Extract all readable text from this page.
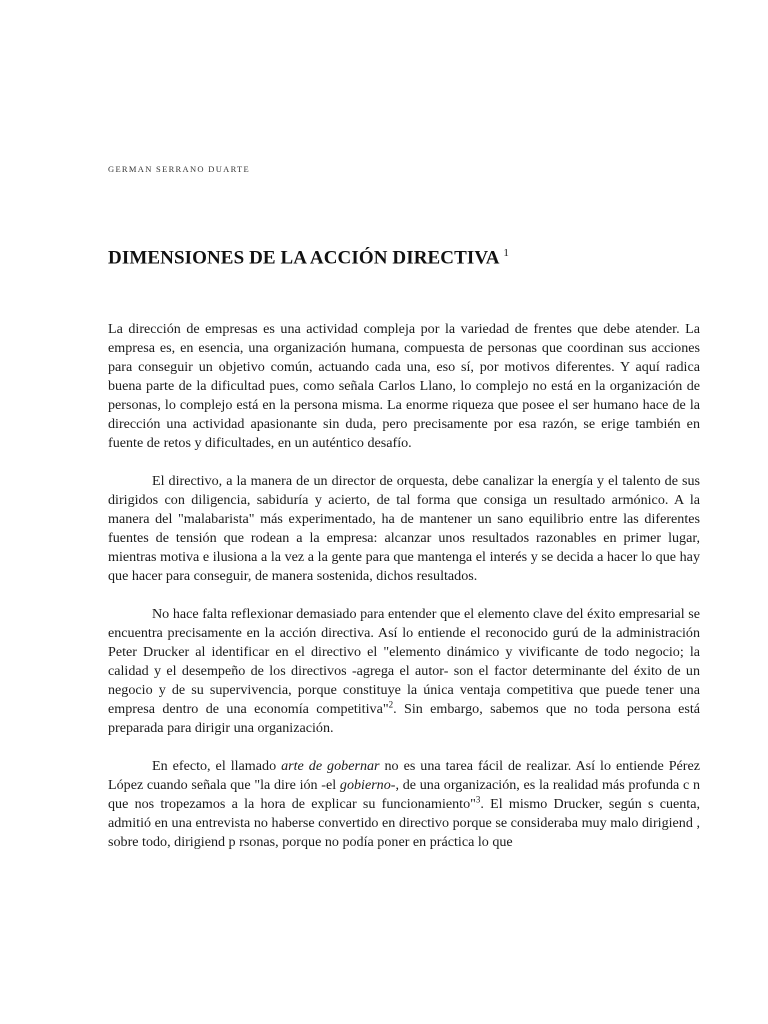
GERMAN SERRANO DUARTE
DIMENSIONES DE LA ACCIÓN DIRECTIVA $^1$

La dirección de empresas es una actividad compleja por la variedad de frentes que debe atender. La empresa es, en esencia, una organización humana, compuesta de personas que coordinan sus acciones para conseguir un objetivo común, actuando cada una, eso sí, por motivos diferentes. Y aquí radica buena parte de la dificultad pues, como señala Carlos Llano, lo complejo no está en la organización de personas, lo complejo está en la persona misma. La enorme riqueza que posee el ser humano hace de la dirección una actividad apasionante sin duda, pero precisamente por esa razón, se erige también en fuente de retos y dificultades, en un auténtico desafío.

El directivo, a la manera de un director de orquesta, debe canalizar la energía y el talento de sus dirigidos con diligencia, sabiduría y acierto, de tal forma que consiga un resultado armónico. A la manera del "malabarista" más experimentado, ha de mantener un sano equilibrio entre las diferentes fuentes de tensión que rodean a la empresa: alcanzar unos resultados razonables en primer lugar, mientras motiva e ilusiona a la vez a la gente para que mantenga el interés y se decida a hacer lo que hay que hacer para conseguir, de manera sostenida, dichos resultados.

No hace falta reflexionar demasiado para entender que el elemento clave del éxito empresarial se encuentra precisamente en la acción directiva. Así lo entiende el reconocido gurú de la administración Peter Drucker al identificar en el directivo el "elemento dinámico y vivificante de todo negocio; la calidad y el desempeño de los directivos -agrega el autor- son el factor determinante del éxito de un negocio y de su supervivencia, porque constituye la única ventaja competitiva que puede tener una empresa dentro de una economía competitiva"$^2$. Sin embargo, sabemos que no toda persona está preparada para dirigir una organización.

En efecto, el llamado arte de gobernar no es una tarea fácil de realizar. Así lo entiende Pérez López cuando señala que "la dire ión -el gobierno-, de una organización, es la realidad más profunda c n que nos tropezamos a la hora de explicar su funcionamiento"$^3$. El mismo Drucker, según s cuenta, admitió en una entrevista no haberse convertido en directivo porque se consideraba muy malo dirigiend , sobre todo, dirigiend p rsonas, porque no podía poner en práctica lo que
